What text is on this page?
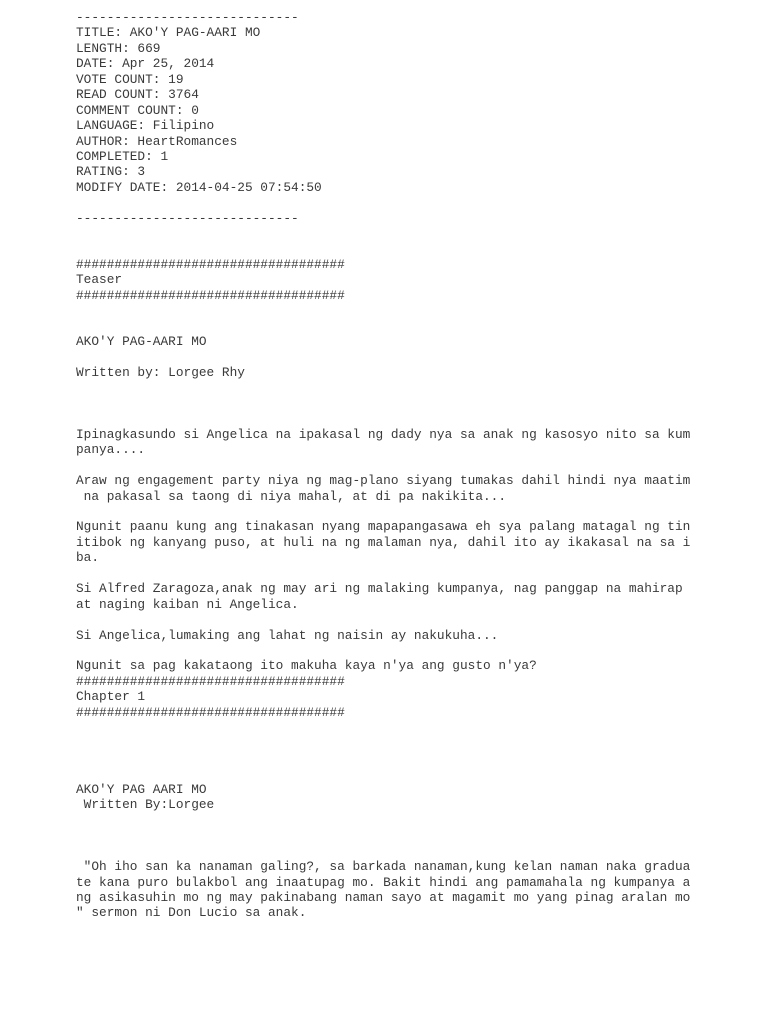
-----------------------------
TITLE: AKO'Y PAG-AARI MO
LENGTH: 669
DATE: Apr 25, 2014
VOTE COUNT: 19
READ COUNT: 3764
COMMENT COUNT: 0
LANGUAGE: Filipino
AUTHOR: HeartRomances
COMPLETED: 1
RATING: 3
MODIFY DATE: 2014-04-25 07:54:50
-----------------------------
###################################
Teaser
###################################
AKO'Y PAG-AARI MO
Written by: Lorgee Rhy
Ipinagkasundo si Angelica na ipakasal ng dady nya sa anak ng kasosyo nito sa kum
panya....
Araw ng engagement party niya ng mag-plano siyang tumakas dahil hindi nya maatim
na pakasal sa taong di niya mahal, at di pa nakikita...
Ngunit paanu kung ang tinakasan nyang mapapangasawa eh sya palang matagal ng tin
itibok ng kanyang puso, at huli na ng malaman nya, dahil ito ay ikakasal na sa i
ba.
Si Alfred Zaragoza,anak ng may ari ng malaking kumpanya, nag panggap na mahirap
at naging kaiban ni Angelica.
Si Angelica,lumaking ang lahat ng naisin ay nakukuha...
Ngunit sa pag kakataong ito makuha kaya n'ya ang gusto n'ya?
###################################
Chapter 1
###################################
AKO'Y PAG AARI MO
Written By:Lorgee
"Oh iho san ka nanaman galing?, sa barkada nanaman,kung kelan naman naka gradua
te kana puro bulakbol ang inaatupag mo. Bakit hindi ang pamamahala ng kumpanya a
ng asikasuhin mo ng may pakinabang naman sayo at magamit mo yang pinag aralan mo
" sermon ni Don Lucio sa anak.
